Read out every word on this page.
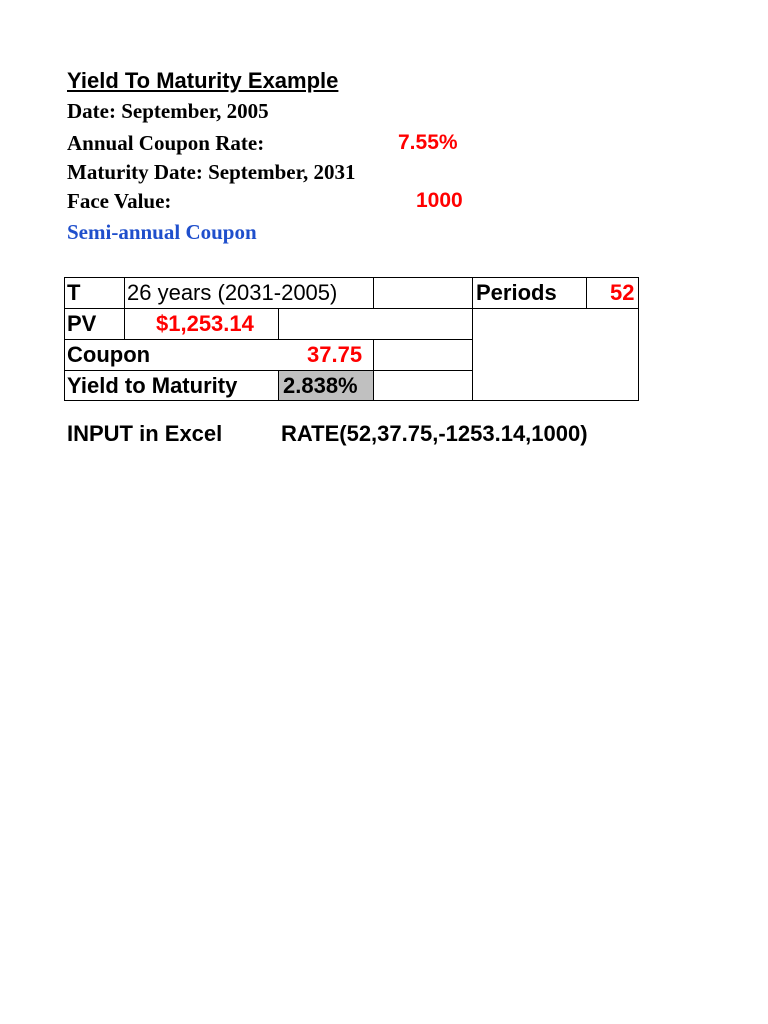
Yield To Maturity Example
Date: September, 2005
Annual Coupon Rate:	7.55%
Maturity Date: September, 2031
Face Value:	1000
Semi-annual Coupon
T 26 years (2031-2005)	Periods 52
PV	$1,253.14
Coupon	37.75
Yield to Maturity 2.838%
INPUT in Excel	RATE(52,37.75,-1253.14,1000)
